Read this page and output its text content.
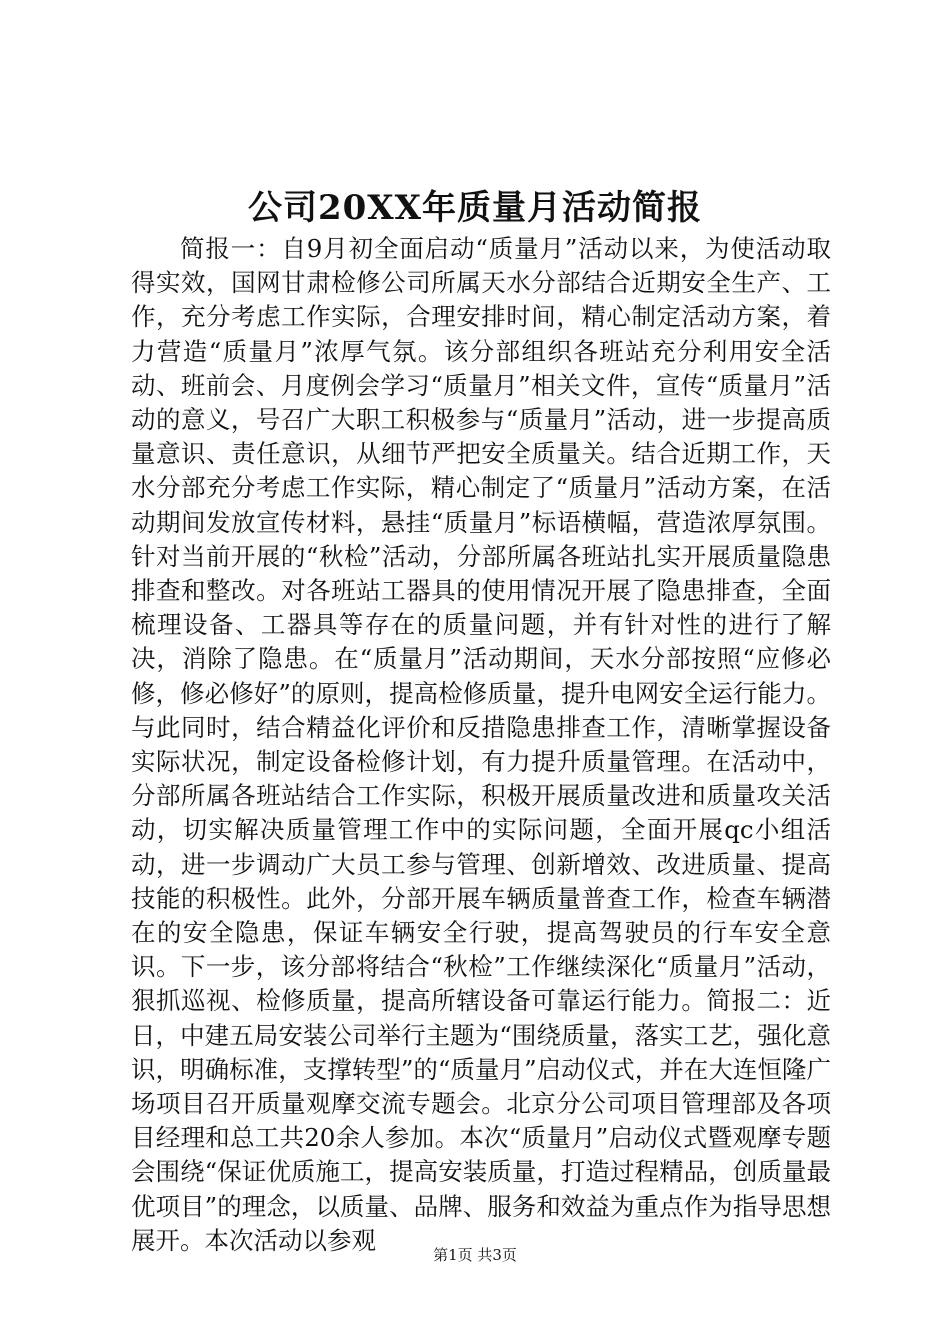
公司20XX年质量月活动简报

简报一：自9月初全面启动“质量月”活动以来，为使活动取得实效，国网甘肃检修公司所属天水分部结合近期安全生产、工作，充分考虑工作实际，合理安排时间，精心制定活动方案，着力营造“质量月”浓厚气氛。该分部组织各班站充分利用安全活动、班前会、月度例会学习“质量月”相关文件，宣传“质量月”活动的意义，号召广大职工积极参与“质量月”活动，进一步提高质量意识、责任意识，从细节严把安全质量关。结合近期工作，天水分部充分考虑工作实际，精心制定了“质量月”活动方案，在活动期间发放宣传材料，悬挂“质量月”标语横幅，营造浓厚氛围。针对当前开展的“秋检”活动，分部所属各班站扎实开展质量隐患排查和整改。对各班站工器具的使用情况开展了隐患排查，全面梳理设备、工器具等存在的质量问题，并有针对性的进行了解决，消除了隐患。在“质量月”活动期间，天水分部按照“应修必修，修必修好”的原则，提高检修质量，提升电网安全运行能力。与此同时，结合精益化评价和反措隐患排查工作，清晰掌握设备实际状况，制定设备检修计划，有力提升质量管理。在活动中，分部所属各班站结合工作实际，积极开展质量改进和质量攻关活动，切实解决质量管理工作中的实际问题，全面开展qc小组活动，进一步调动广大员工参与管理、创新增效、改进质量、提高技能的积极性。此外，分部开展车辆质量普查工作，检查车辆潜在的安全隐患，保证车辆安全行驶，提高驾驶员的行车安全意识。下一步，该分部将结合“秋检”工作继续深化“质量月”活动，狠抓巡视、检修质量，提高所辖设备可靠运行能力。简报二：近日，中建五局安装公司举行主题为“围绕质量，落实工艺，强化意识，明确标准，支撑转型”的“质量月”启动仪式，并在大连恒隆广场项目召开质量观摩交流专题会。北京分公司项目管理部及各项目经理和总工共20余人参加。本次“质量月”启动仪式暨观摩专题会围绕“保证优质施工，提高安装质量，打造过程精品，创质量最优项目”的理念，以质量、品牌、服务和效益为重点作为指导思想展开。本次活动以参观

第1页 共3页
